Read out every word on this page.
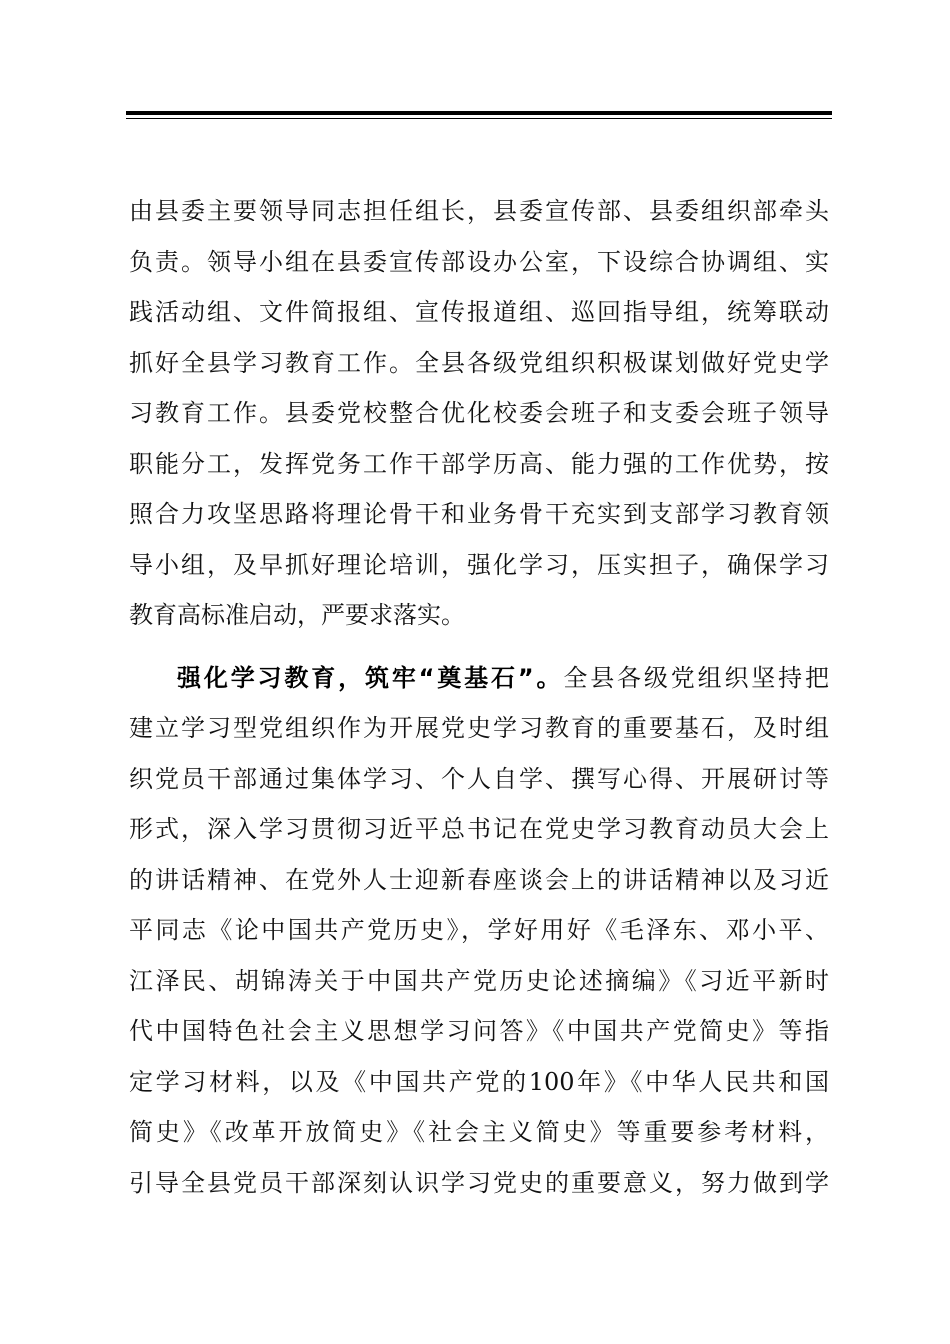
由县委主要领导同志担任组长，县委宣传部、县委组织部牵头
负责。领导小组在县委宣传部设办公室，下设综合协调组、实
践活动组、文件简报组、宣传报道组、巡回指导组，统筹联动
抓好全县学习教育工作。全县各级党组织积极谋划做好党史学
习教育工作。县委党校整合优化校委会班子和支委会班子领导
职能分工，发挥党务工作干部学历高、能力强的工作优势，按
照合力攻坚思路将理论骨干和业务骨干充实到支部学习教育领
导小组，及早抓好理论培训，强化学习，压实担子，确保学习
教育高标准启动，严要求落实。
强化学习教育，筑牢“奠基石”。全县各级党组织坚持把
建立学习型党组织作为开展党史学习教育的重要基石，及时组
织党员干部通过集体学习、个人自学、撰写心得、开展研讨等
形式，深入学习贯彻习近平总书记在党史学习教育动员大会上
的讲话精神、在党外人士迎新春座谈会上的讲话精神以及习近
平同志《论中国共产党历史》，学好用好《毛泽东、邓小平、
江泽民、胡锦涛关于中国共产党历史论述摘编》《习近平新时
代中国特色社会主义思想学习问答》《中国共产党简史》等指
定学习材料，以及《中国共产党的100年》《中华人民共和国
简史》《改革开放简史》《社会主义简史》等重要参考材料，
引导全县党员干部深刻认识学习党史的重要意义，努力做到学
